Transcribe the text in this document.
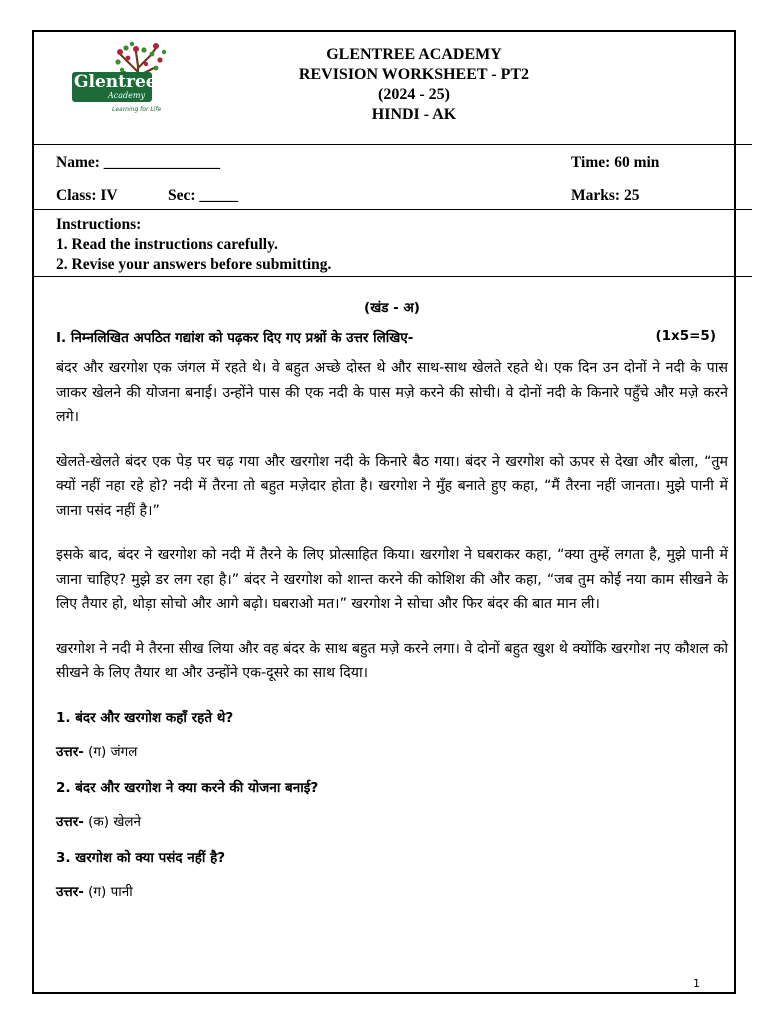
Glentree
Academy
Learning for Life
GLENTREE ACADEMY
REVISION WORKSHEET - PT2
(2024 - 25)
HINDI - AK
Name: _______________	Time: 60 min
Class: IV	Sec: _____	Marks: 25
Instructions:
1. Read the instructions carefully.
2. Revise your answers before submitting.
(खंड - अ)
I. निम्नलिखित अपठित गद्यांश को पढ़कर दिए गए प्रश्नों के उत्तर लिखिए-	(1x5=5)

बंदर और खरगोश एक जंगल में रहते थे। वे बहुत अच्छे दोस्त थे और साथ-साथ खेलते रहते थे। एक दिन उन दोनों ने नदी के पास जाकर खेलने की योजना बनाई। उन्होंने पास की एक नदी के पास मज़े करने की सोची। वे दोनों नदी के किनारे पहुँचे और मज़े करने लगे।

खेलते-खेलते बंदर एक पेड़ पर चढ़ गया और खरगोश नदी के किनारे बैठ गया। बंदर ने खरगोश को ऊपर से देखा और बोला, “तुम क्यों नहीं नहा रहे हो? नदी में तैरना तो बहुत मज़ेदार होता है। खरगोश ने मुँह बनाते हुए कहा, “मैं तैरना नहीं जानता। मुझे पानी में जाना पसंद नहीं है।”

इसके बाद, बंदर ने खरगोश को नदी में तैरने के लिए प्रोत्साहित किया। खरगोश ने घबराकर कहा, “क्या तुम्हें लगता है, मुझे पानी में जाना चाहिए? मुझे डर लग रहा है।” बंदर ने खरगोश को शान्त करने की कोशिश की और कहा, “जब तुम कोई नया काम सीखने के लिए तैयार हो, थोड़ा सोचो और आगे बढ़ो। घबराओ मत।” खरगोश ने सोचा और फिर बंदर की बात मान ली।

खरगोश ने नदी मे तैरना सीख लिया और वह बंदर के साथ बहुत मज़े करने लगा। वे दोनों बहुत खुश थे क्योंकि खरगोश नए कौशल को सीखने के लिए तैयार था और उन्होंने एक-दूसरे का साथ दिया।

1. बंदर और खरगोश कहाँ रहते थे?
उत्तर- (ग) जंगल
2. बंदर और खरगोश ने क्या करने की योजना बनाई?
उत्तर- (क) खेलने
3. खरगोश को क्या पसंद नहीं है?
उत्तर- (ग) पानी
1
